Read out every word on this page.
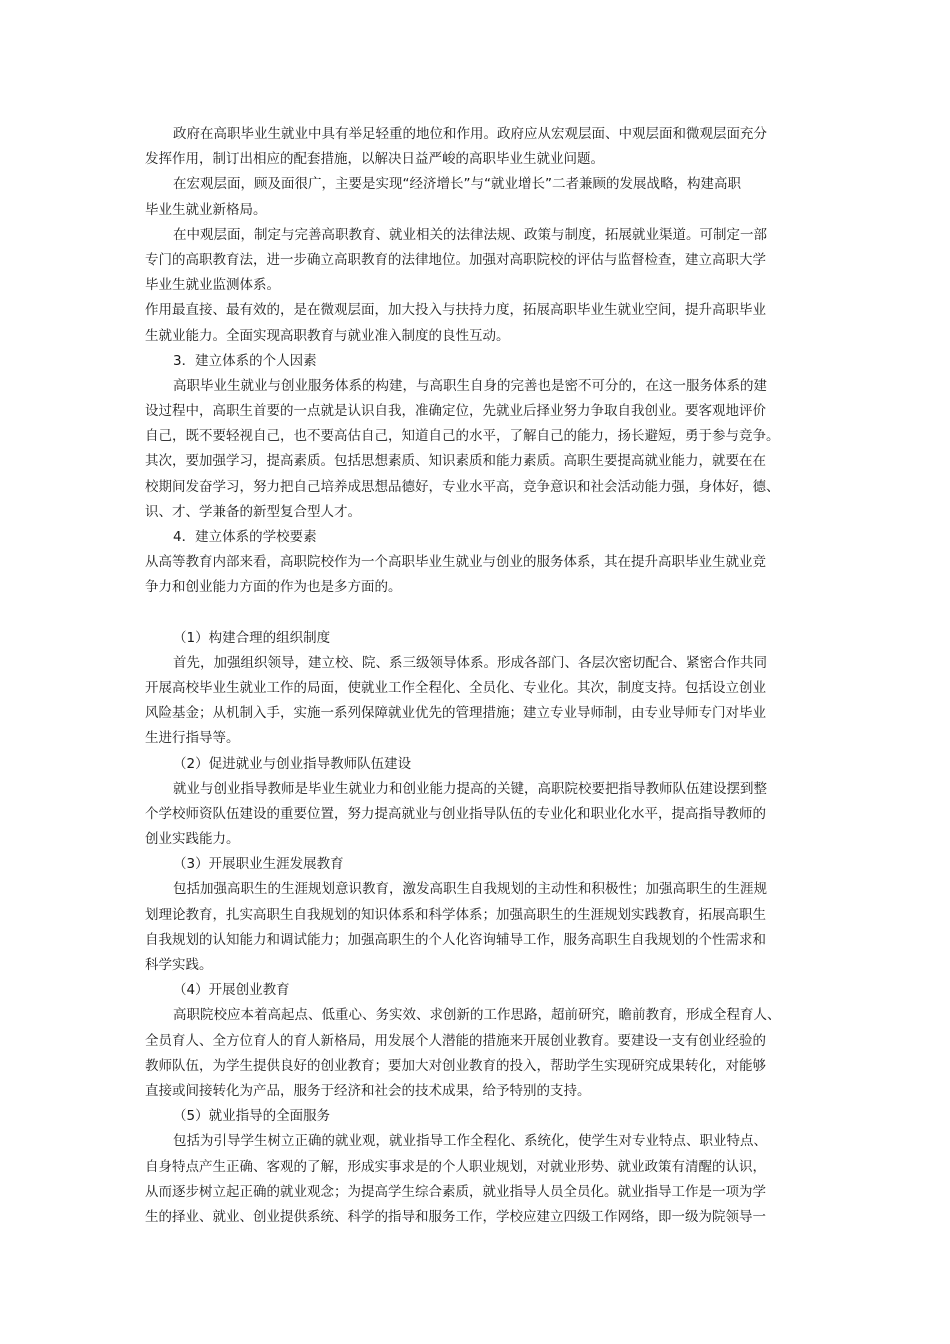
政府在高职毕业生就业中具有举足轻重的地位和作用。政府应从宏观层面、中观层面和微观层面充分
发挥作用，制订出相应的配套措施，以解决日益严峻的高职毕业生就业问题。
在宏观层面，顾及面很广，主要是实现“经济增长”与“就业增长”二者兼顾的发展战略，构建高职
毕业生就业新格局。
在中观层面，制定与完善高职教育、就业相关的法律法规、政策与制度，拓展就业渠道。可制定一部
专门的高职教育法，进一步确立高职教育的法律地位。加强对高职院校的评估与监督检查，建立高职大学
毕业生就业监测体系。
作用最直接、最有效的，是在微观层面，加大投入与扶持力度，拓展高职毕业生就业空间，提升高职毕业
生就业能力。全面实现高职教育与就业准入制度的良性互动。
3．建立体系的个人因素
高职毕业生就业与创业服务体系的构建，与高职生自身的完善也是密不可分的，在这一服务体系的建
设过程中，高职生首要的一点就是认识自我，准确定位，先就业后择业努力争取自我创业。要客观地评价
自己，既不要轻视自己，也不要高估自己，知道自己的水平，了解自己的能力，扬长避短，勇于参与竞争。
其次，要加强学习，提高素质。包括思想素质、知识素质和能力素质。高职生要提高就业能力，就要在在
校期间发奋学习，努力把自己培养成思想品德好，专业水平高，竞争意识和社会活动能力强，身体好，德、
识、才、学兼备的新型复合型人才。
4．建立体系的学校要素
从高等教育内部来看，高职院校作为一个高职毕业生就业与创业的服务体系，其在提升高职毕业生就业竞
争力和创业能力方面的作为也是多方面的。
（1）构建合理的组织制度
首先，加强组织领导，建立校、院、系三级领导体系。形成各部门、各层次密切配合、紧密合作共同
开展高校毕业生就业工作的局面，使就业工作全程化、全员化、专业化。其次，制度支持。包括设立创业
风险基金；从机制入手，实施一系列保障就业优先的管理措施；建立专业导师制，由专业导师专门对毕业
生进行指导等。
（2）促进就业与创业指导教师队伍建设
就业与创业指导教师是毕业生就业力和创业能力提高的关键，高职院校要把指导教师队伍建设摆到整
个学校师资队伍建设的重要位置，努力提高就业与创业指导队伍的专业化和职业化水平，提高指导教师的
创业实践能力。
（3）开展职业生涯发展教育
包括加强高职生的生涯规划意识教育，激发高职生自我规划的主动性和积极性；加强高职生的生涯规
划理论教育，扎实高职生自我规划的知识体系和科学体系；加强高职生的生涯规划实践教育，拓展高职生
自我规划的认知能力和调试能力；加强高职生的个人化咨询辅导工作，服务高职生自我规划的个性需求和
科学实践。
（4）开展创业教育
高职院校应本着高起点、低重心、务实效、求创新的工作思路，超前研究，瞻前教育，形成全程育人、
全员育人、全方位育人的育人新格局，用发展个人潜能的措施来开展创业教育。要建设一支有创业经验的
教师队伍，为学生提供良好的创业教育；要加大对创业教育的投入，帮助学生实现研究成果转化，对能够
直接或间接转化为产品，服务于经济和社会的技术成果，给予特别的支持。
（5）就业指导的全面服务
包括为引导学生树立正确的就业观，就业指导工作全程化、系统化，使学生对专业特点、职业特点、
自身特点产生正确、客观的了解，形成实事求是的个人职业规划，对就业形势、就业政策有清醒的认识，
从而逐步树立起正确的就业观念；为提高学生综合素质，就业指导人员全员化。就业指导工作是一项为学
生的择业、就业、创业提供系统、科学的指导和服务工作，学校应建立四级工作网络，即一级为院领导一
